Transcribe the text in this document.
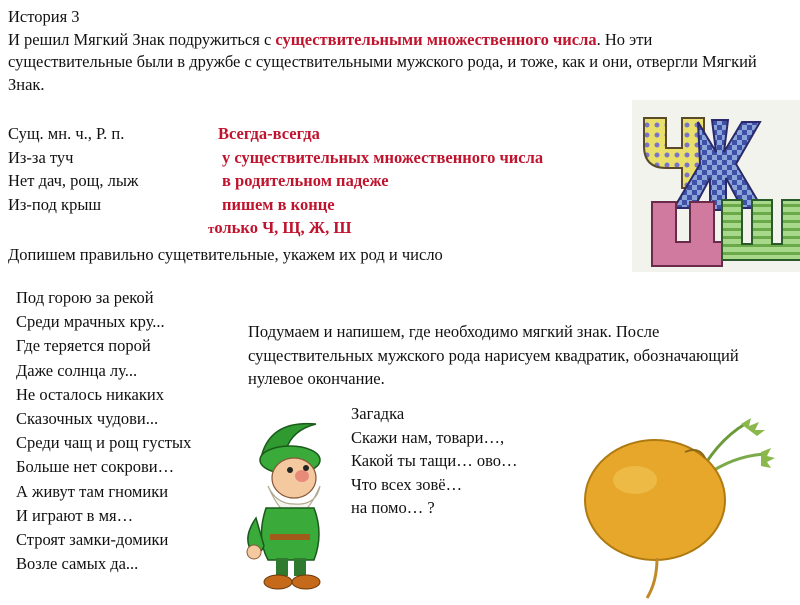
История 3
И решил Мягкий Знак подружиться с существительными множественного числа. Но эти существительные были в дружбе с существительными мужского рода, и тоже, как и они, отвергли Мягкий Знак.
Сущ. мн. ч., Р. п.
Из-за туч
Нет дач, рощ, лыж
Из-под крыш
Всегда-всегда
у существительных множественного числа
в родительном падеже
пишем в конце
только Ч, Щ, Ж, Ш
Допишем правильно сущетвительные, укажем их род и число
Под горою за рекой
Среди мрачных кру...
Где теряется порой
Даже солнца лу...
Не осталось никаких
Сказочных чудови...
Среди чащ и рощ густых
Больше нет сокрови…
А живут там гномики
И играют в мя…
Строят замки-домики
Возле самых да...
Подумаем и напишем, где необходимо мягкий знак. После существительных мужского рода нарисуем квадратик, обозначающий нулевое окончание.
Загадка
Скажи нам, товари…,
Какой ты тащи… ово…
Что всех зовё…
на помо… ?
